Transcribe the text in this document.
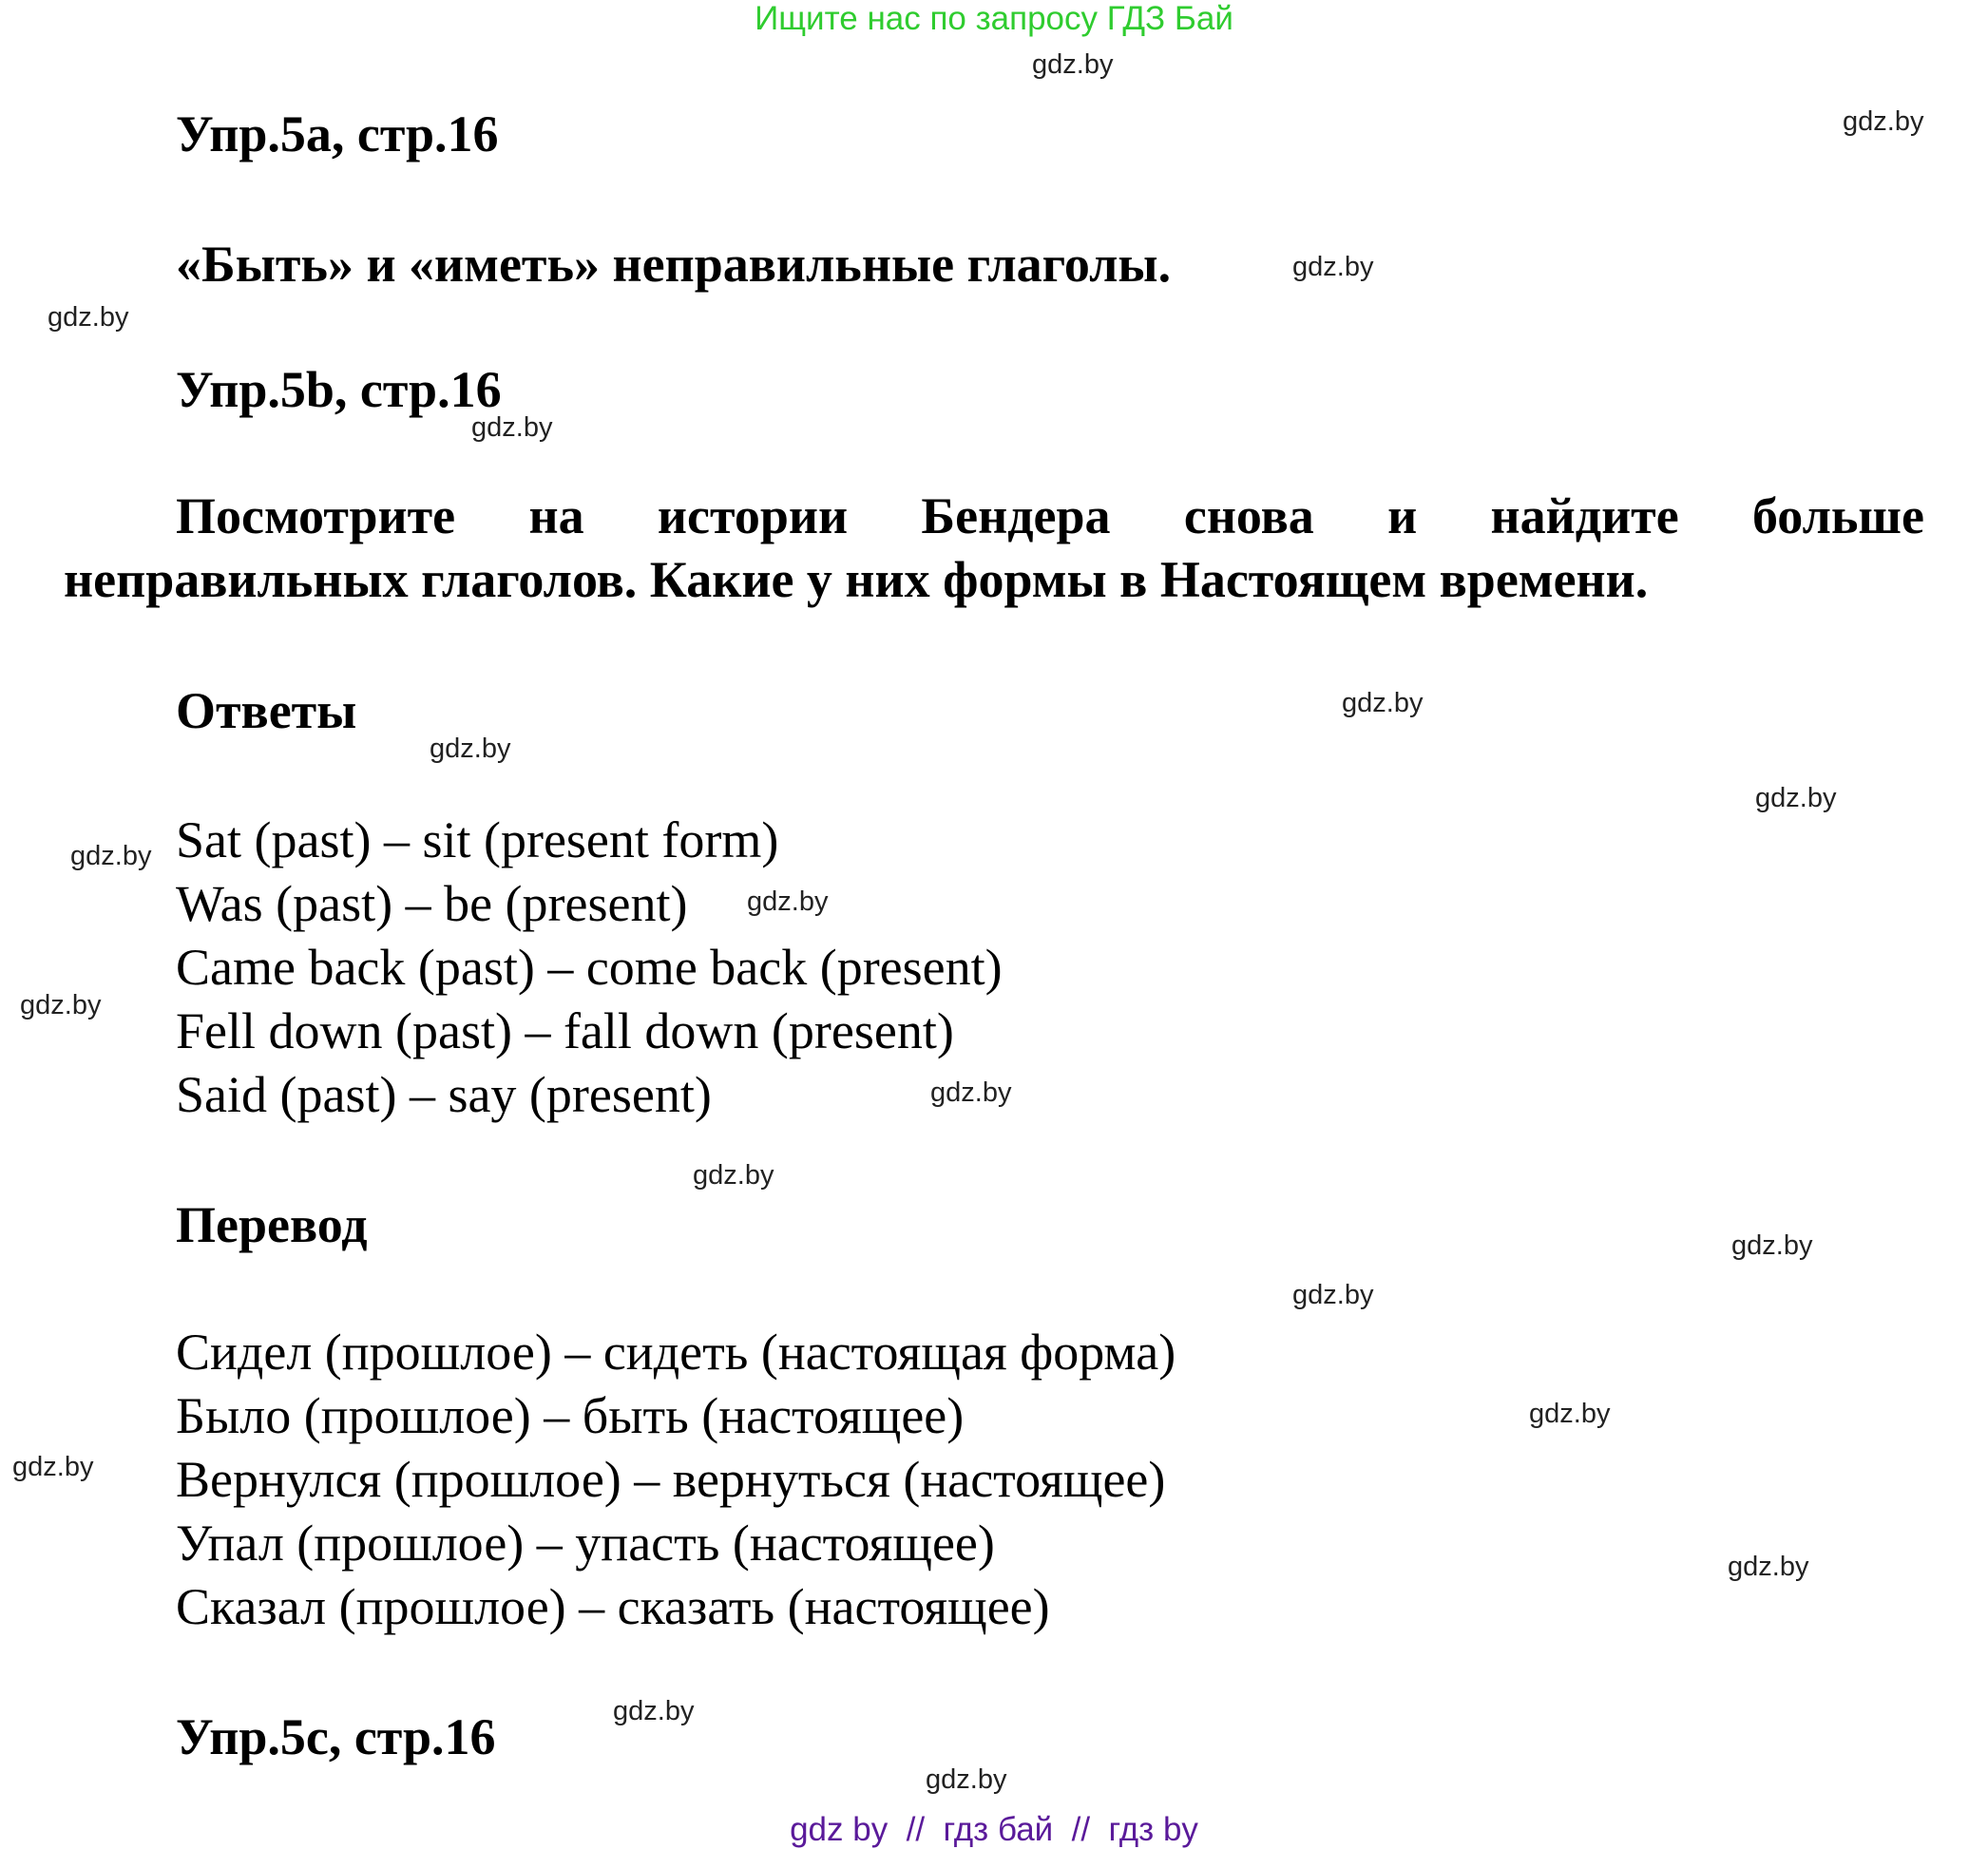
Ищите нас по запросу ГДЗ Бай
Упр.5a, стр.16
«Быть» и «иметь» неправильные глаголы.
Упр.5b, стр.16
Посмотрите на истории Бендера снова и найдите больше
неправильных глаголов. Какие у них формы в Настоящем времени.
Ответы
Sat (past) – sit (present form)
Was (past) – be (present)
Came back (past) – come back (present)
Fell down (past) – fall down (present)
Said (past) – say (present)
Перевод
Сидел (прошлое) – сидеть (настоящая форма)
Было (прошлое) – быть (настоящее)
Вернулся (прошлое) – вернуться (настоящее)
Упал (прошлое) – упасть (настоящее)
Сказал (прошлое) – сказать (настоящее)
Упр.5c, стр.16
gdz.by
gdz.by
gdz.by
gdz.by
gdz.by
gdz.by
gdz.by
gdz.by
gdz.by
gdz.by
gdz.by
gdz.by
gdz.by
gdz.by
gdz.by
gdz.by
gdz.by
gdz.by
gdz.by
gdz.by
gdz by  //  гдз бай  //  гдз by
